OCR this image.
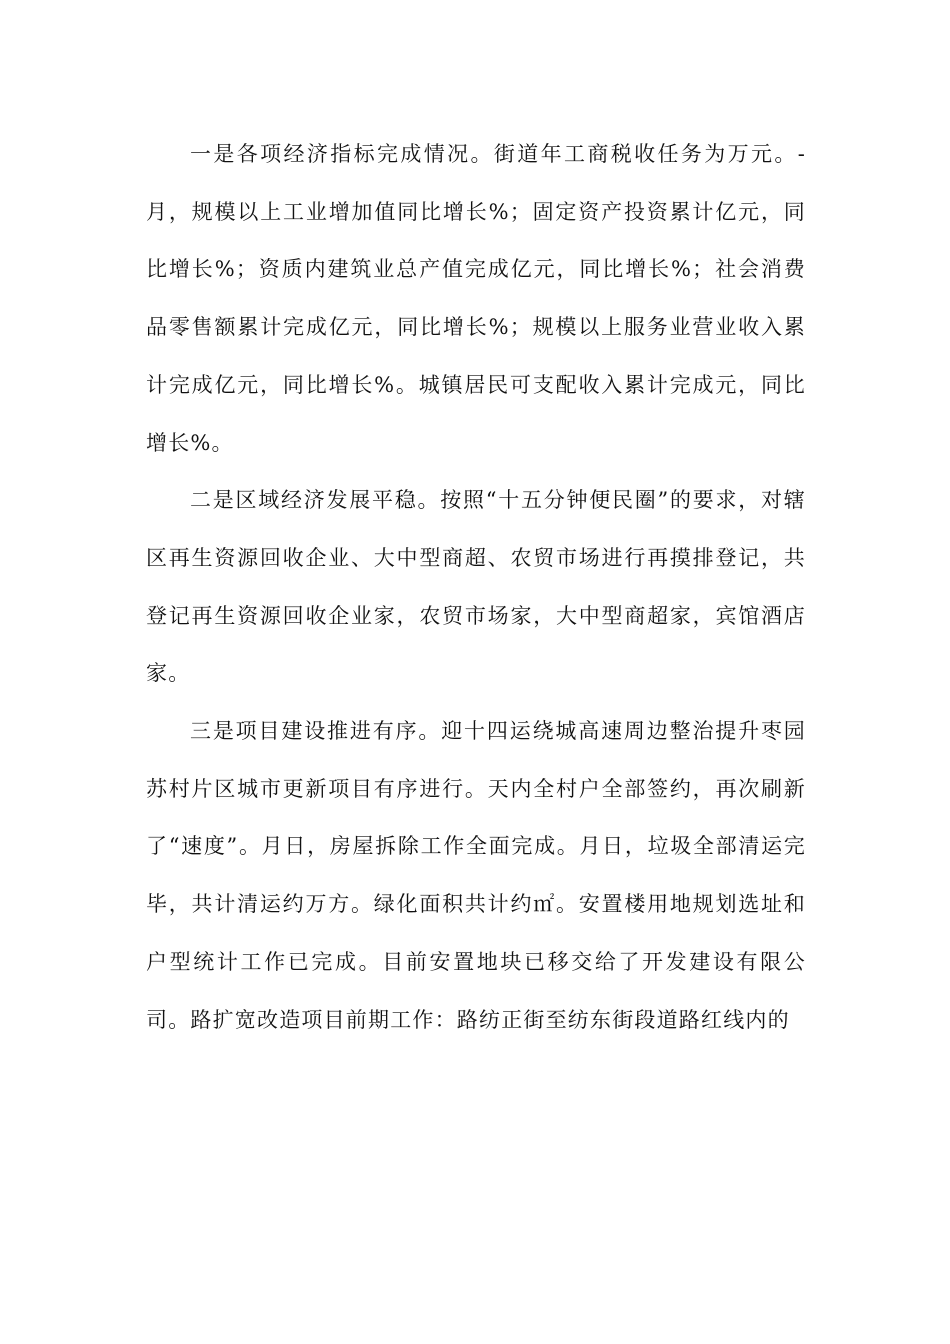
一是各项经济指标完成情况。街道年工商税收任务为万元。-月，规模以上工业增加值同比增长%；固定资产投资累计亿元，同比增长%；资质内建筑业总产值完成亿元，同比增长%；社会消费品零售额累计完成亿元，同比增长%；规模以上服务业营业收入累计完成亿元，同比增长%。城镇居民可支配收入累计完成元，同比增长%。

二是区域经济发展平稳。按照“十五分钟便民圈”的要求，对辖区再生资源回收企业、大中型商超、农贸市场进行再摸排登记，共登记再生资源回收企业家，农贸市场家，大中型商超家，宾馆酒店家。

三是项目建设推进有序。迎十四运绕城高速周边整治提升枣园苏村片区城市更新项目有序进行。天内全村户全部签约，再次刷新了“速度”。月日，房屋拆除工作全面完成。月日，垃圾全部清运完毕，共计清运约万方。绿化面积共计约㎡。安置楼用地规划选址和户型统计工作已完成。目前安置地块已移交给了开发建设有限公司。路扩宽改造项目前期工作：路纺正街至纺东街段道路红线内的
